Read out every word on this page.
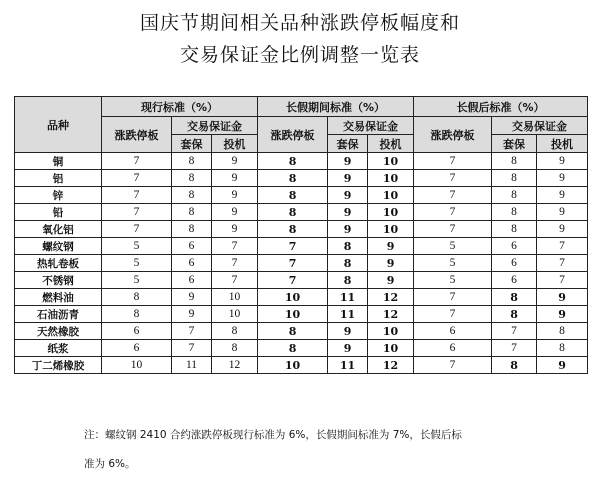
国庆节期间相关品种涨跌停板幅度和
交易保证金比例调整一览表
品种	现行标准（%）			长假期间标准（%）			长假后标准（%）		
	涨跌停板	交易保证金		涨跌停板	交易保证金		涨跌停板	交易保证金	
		套保	投机		套保	投机		套保	投机
铜	7	8	9	8	9	10	7	8	9
铝	7	8	9	8	9	10	7	8	9
锌	7	8	9	8	9	10	7	8	9
铅	7	8	9	8	9	10	7	8	9
氧化铝	7	8	9	8	9	10	7	8	9
螺纹钢	5	6	7	7	8	9	5	6	7
热轧卷板	5	6	7	7	8	9	5	6	7
不锈钢	5	6	7	7	8	9	5	6	7
燃料油	8	9	10	10	11	12	7	8	9
石油沥青	8	9	10	10	11	12	7	8	9
天然橡胶	6	7	8	8	9	10	6	7	8
纸浆	6	7	8	8	9	10	6	7	8
丁二烯橡胶	10	11	12	10	11	12	7	8	9
注：螺纹钢 2410 合约涨跌停板现行标准为 6%，长假期间标准为 7%，长假后标
准为 6%。
